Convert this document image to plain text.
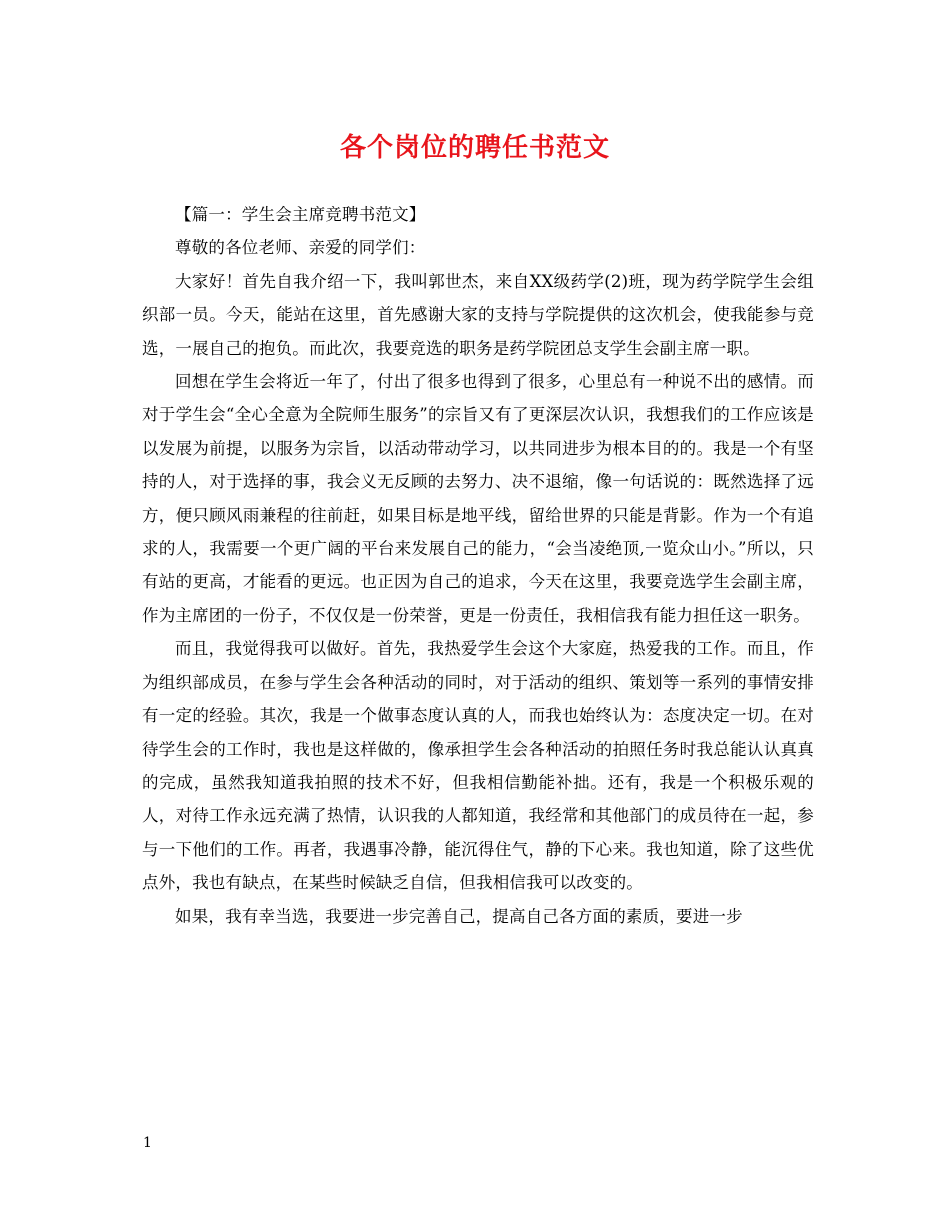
各个岗位的聘任书范文

【篇一：学生会主席竞聘书范文】

尊敬的各位老师、亲爱的同学们：

大家好！首先自我介绍一下，我叫郭世杰，来自XX级药学(2)班，现为药学院学生会组织部一员。今天，能站在这里，首先感谢大家的支持与学院提供的这次机会，使我能参与竞选，一展自己的抱负。而此次，我要竞选的职务是药学院团总支学生会副主席一职。

回想在学生会将近一年了，付出了很多也得到了很多，心里总有一种说不出的感情。而对于学生会“全心全意为全院师生服务”的宗旨又有了更深层次认识，我想我们的工作应该是以发展为前提，以服务为宗旨，以活动带动学习，以共同进步为根本目的的。我是一个有坚持的人，对于选择的事，我会义无反顾的去努力、决不退缩，像一句话说的：既然选择了远方，便只顾风雨兼程的往前赶，如果目标是地平线，留给世界的只能是背影。作为一个有追求的人，我需要一个更广阔的平台来发展自己的能力，“会当凌绝顶,一览众山小。”所以，只有站的更高，才能看的更远。也正因为自己的追求，今天在这里，我要竞选学生会副主席，作为主席团的一份子，不仅仅是一份荣誉，更是一份责任，我相信我有能力担任这一职务。

而且，我觉得我可以做好。首先，我热爱学生会这个大家庭，热爱我的工作。而且，作为组织部成员，在参与学生会各种活动的同时，对于活动的组织、策划等一系列的事情安排有一定的经验。其次，我是一个做事态度认真的人，而我也始终认为：态度决定一切。在对待学生会的工作时，我也是这样做的，像承担学生会各种活动的拍照任务时我总能认认真真的完成，虽然我知道我拍照的技术不好，但我相信勤能补拙。还有，我是一个积极乐观的人，对待工作永远充满了热情，认识我的人都知道，我经常和其他部门的成员待在一起，参与一下他们的工作。再者，我遇事冷静，能沉得住气，静的下心来。我也知道，除了这些优点外，我也有缺点，在某些时候缺乏自信，但我相信我可以改变的。

如果，我有幸当选，我要进一步完善自己，提高自己各方面的素质，要进一步

1
